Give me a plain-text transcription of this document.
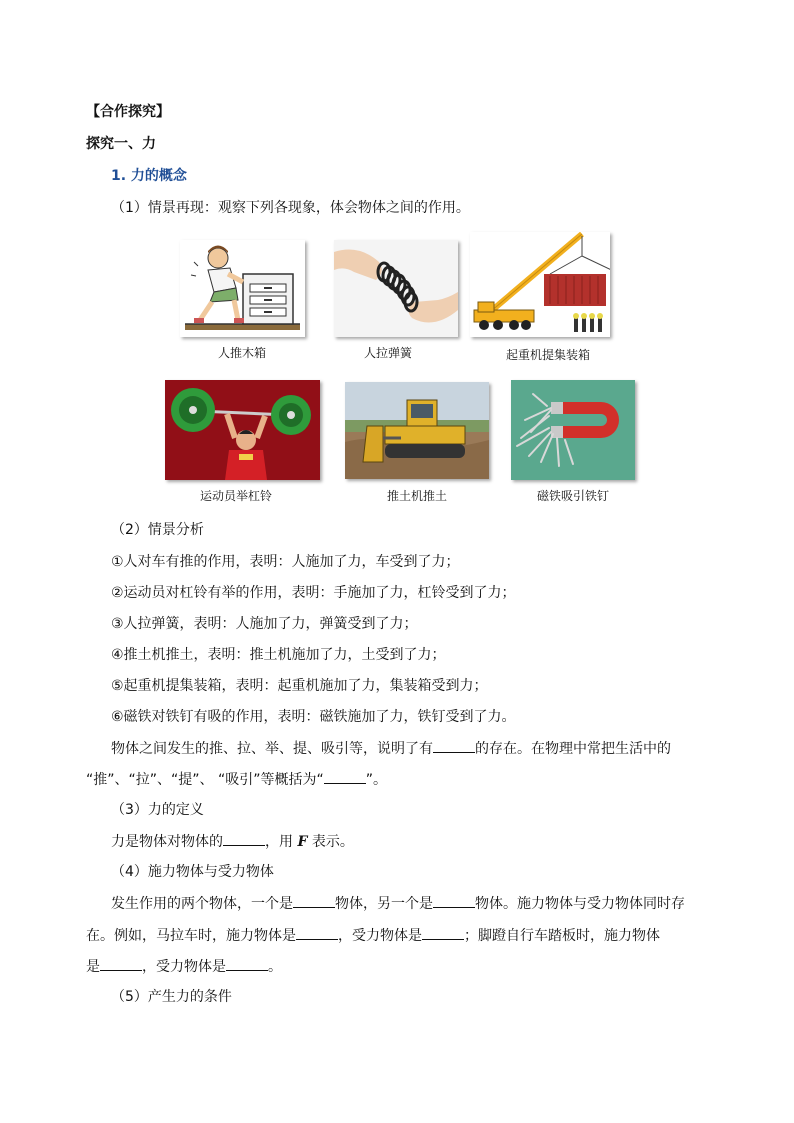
【合作探究】
探究一、力
1. 力的概念
（1）情景再现：观察下列各现象，体会物体之间的作用。
人推木箱	人拉弹簧	起重机提集装箱
运动员举杠铃	推土机推土	磁铁吸引铁钉
（2）情景分析
①人对车有推的作用，表明：人施加了力，车受到了力；
②运动员对杠铃有举的作用，表明：手施加了力，杠铃受到了力；
③人拉弹簧，表明：人施加了力，弹簧受到了力；
④推土机推土，表明：推土机施加了力，土受到了力；
⑤起重机提集装箱，表明：起重机施加了力，集装箱受到力；
⑥磁铁对铁钉有吸的作用，表明：磁铁施加了力，铁钉受到了力。
物体之间发生的推、拉、举、提、吸引等，说明了有	的存在。在物理中常把生活中的
“推”、“拉”、“提”、 “吸引”等概括为“	”。
（3）力的定义
力是物体对物体的	，用 F 表示。
（4）施力物体与受力物体
发生作用的两个物体，一个是	物体，另一个是	物体。施力物体与受力物体同时存
在。例如，马拉车时，施力物体是	，受力物体是	；脚蹬自行车踏板时，施力物体
是	，受力物体是	。
（5）产生力的条件
